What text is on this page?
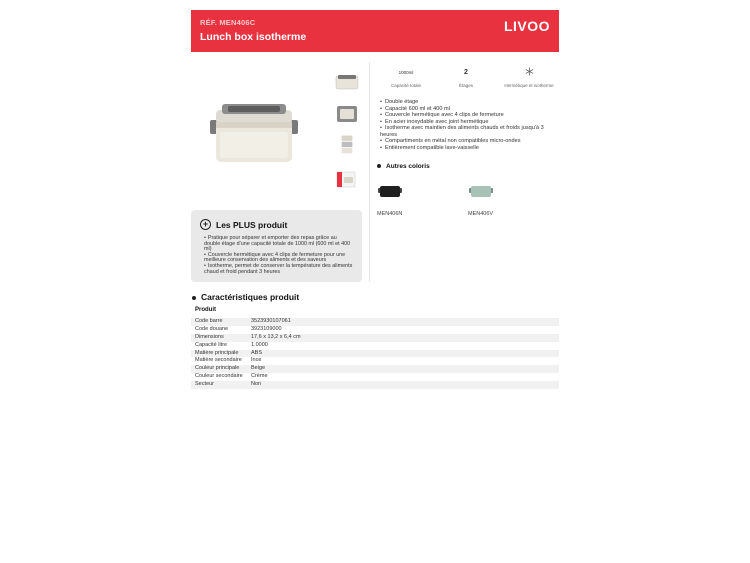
RÉF. MEN406C
Lunch box isotherme
LIVOO
1000ml
Capacité totale
2
Étages	Hermétique et isotherme
• Double étage
• Capacité 600 ml et 400 ml
• Couvercle hermétique avec 4 clips de fermeture
• En acier inoxydable avec joint hermétique
• Isotherme avec maintien des aliments chauds et froids jusqu'à 3 heures
• Compartiments en métal non compatibles micro-ondes
• Entièrement compatible lave-vaisselle
Autres coloris
MEN406N	MEN406V
+ Les PLUS produit
• Pratique pour séparer et emporter des repas grâce au double étage d'une capacité totale de 1000 ml (600 ml et 400 ml)
• Couvercle hermétique avec 4 clips de fermeture pour une meilleure conservation des aliments et des saveurs
• Isotherme, permet de conserver la température des aliments chaud et froid pendant 3 heures
Caractéristiques produit
Produit
Code barre	3523930107061
Code douane	3923109000
Dimensions	17,6 x 13,2 x 6,4 cm
Capacité litre	1.0000
Matière principale	ABS
Matière secondaire	Inox
Couleur principale	Beige
Couleur secondaire	Crème
Secteur	Non
